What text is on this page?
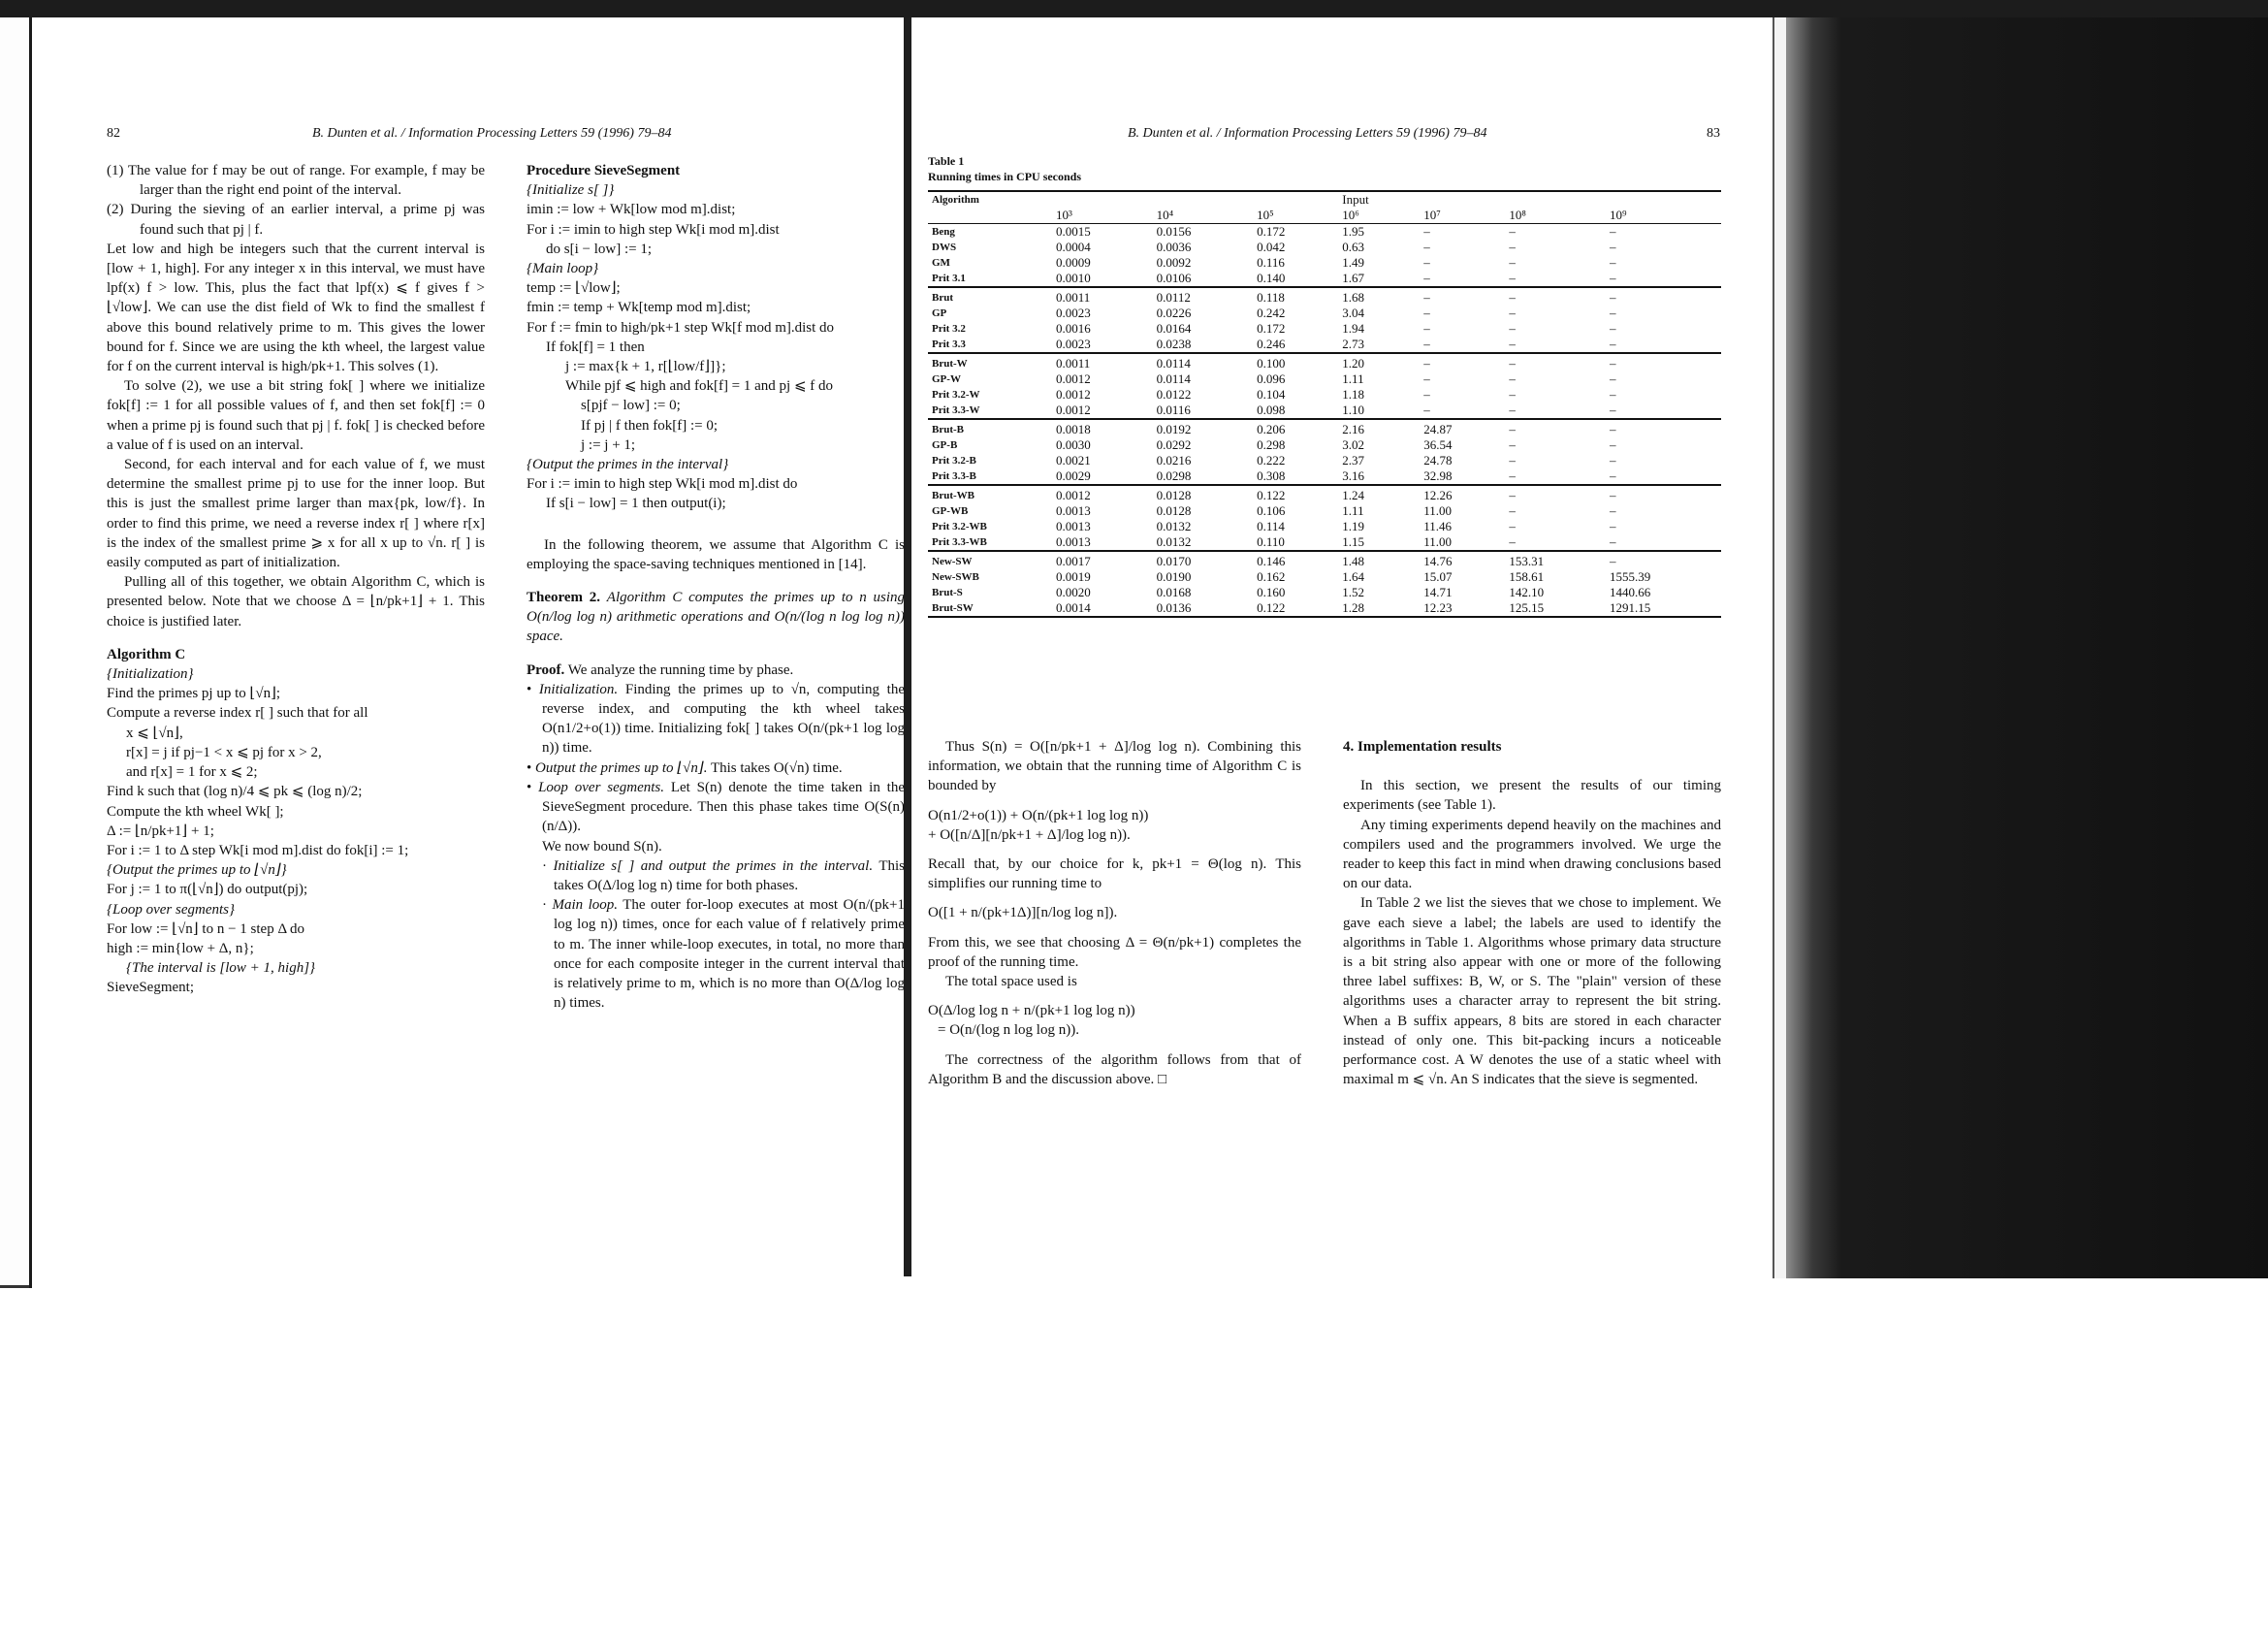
82	B. Dunten et al. / Information Processing Letters 59 (1996) 79–84	B. Dunten et al. / Information Processing Letters 59 (1996) 79–84	83

(1) The value for f may be out of range. For example, f may be larger than the right end point of the interval.

(2) During the sieving of an earlier interval, a prime pj was found such that pj | f.

Let low and high be integers such that the current interval is [low + 1, high]. For any integer x in this interval, we must have lpf(x) f > low. This, plus the fact that lpf(x) ⩽ f gives f > ⌊√low⌋. We can use the dist field of Wk to find the smallest f above this bound relatively prime to m. This gives the lower bound for f. Since we are using the kth wheel, the largest value for f on the current interval is high/pk+1. This solves (1).

To solve (2), we use a bit string fok[ ] where we initialize fok[f] := 1 for all possible values of f, and then set fok[f] := 0 when a prime pj is found such that pj | f. fok[ ] is checked before a value of f is used on an interval.

Second, for each interval and for each value of f, we must determine the smallest prime pj to use for the inner loop. But this is just the smallest prime larger than max{pk, low/f}. In order to find this prime, we need a reverse index r[ ] where r[x] is the index of the smallest prime ⩾ x for all x up to √n. r[ ] is easily computed as part of initialization.

Pulling all of this together, we obtain Algorithm C, which is presented below. Note that we choose Δ = ⌊n/pk+1⌋ + 1. This choice is justified later.

Algorithm C

{Initialization}
Find the primes pj up to ⌊√n⌋;
Compute a reverse index r[ ] such that for all
x ⩽ ⌊√n⌋,
r[x] = j if pj−1 < x ⩽ pj for x > 2,
and r[x] = 1 for x ⩽ 2;
Find k such that (log n)/4 ⩽ pk ⩽ (log n)/2;
Compute the kth wheel Wk[ ];
Δ := ⌊n/pk+1⌋ + 1;
For i := 1 to Δ step Wk[i mod m].dist do fok[i] := 1;
{Output the primes up to ⌊√n⌋}
For j := 1 to π(⌊√n⌋) do output(pj);
{Loop over segments}
For low := ⌊√n⌋ to n − 1 step Δ do
high := min{low + Δ, n};
{The interval is [low + 1, high]}
SieveSegment;

Procedure SieveSegment

{Initialize s[ ]}
imin := low + Wk[low mod m].dist;
For i := imin to high step Wk[i mod m].dist
do s[i − low] := 1;
{Main loop}
temp := ⌊√low⌋;
fmin := temp + Wk[temp mod m].dist;
For f := fmin to high/pk+1 step Wk[f mod m].dist do
If fok[f] = 1 then
j := max{k + 1, r[⌊low/f⌋]};
While pjf ⩽ high and fok[f] = 1 and pj ⩽ f do
s[pjf − low] := 0;
If pj | f then fok[f] := 0;
j := j + 1;
{Output the primes in the interval}
For i := imin to high step Wk[i mod m].dist do
If s[i − low] = 1 then output(i);

In the following theorem, we assume that Algorithm C is employing the space-saving techniques mentioned in [14].

Theorem 2. Algorithm C computes the primes up to n using O(n/log log n) arithmetic operations and O(n/(log n log log n)) space.

Proof. We analyze the running time by phase.

• Initialization. Finding the primes up to √n, computing the reverse index, and computing the kth wheel takes O(n1/2+o(1)) time. Initializing fok[ ] takes O(n/(pk+1 log log n)) time.

• Output the primes up to ⌊√n⌋. This takes O(√n) time.

• Loop over segments. Let S(n) denote the time taken in the SieveSegment procedure. Then this phase takes time O(S(n)(n/Δ)).

We now bound S(n).

· Initialize s[ ] and output the primes in the interval. This takes O(Δ/log log n) time for both phases.

· Main loop. The outer for-loop executes at most O(n/(pk+1 log log n)) times, once for each value of f relatively prime to m. The inner while-loop executes, in total, no more than once for each composite integer in the current interval that is relatively prime to m, which is no more than O(Δ/log log n) times.

Table 1
Running times in CPU seconds
Algorithm				Input			
	10³	10⁴	10⁵	10⁶	10⁷	10⁸	10⁹
Beng	0.0015	0.0156	0.172	1.95	–	–	–
DWS	0.0004	0.0036	0.042	0.63	–	–	–
GM	0.0009	0.0092	0.116	1.49	–	–	–
Prit 3.1	0.0010	0.0106	0.140	1.67	–	–	–
Brut	0.0011	0.0112	0.118	1.68	–	–	–
GP	0.0023	0.0226	0.242	3.04	–	–	–
Prit 3.2	0.0016	0.0164	0.172	1.94	–	–	–
Prit 3.3	0.0023	0.0238	0.246	2.73	–	–	–
Brut-W	0.0011	0.0114	0.100	1.20	–	–	–
GP-W	0.0012	0.0114	0.096	1.11	–	–	–
Prit 3.2-W	0.0012	0.0122	0.104	1.18	–	–	–
Prit 3.3-W	0.0012	0.0116	0.098	1.10	–	–	–
Brut-B	0.0018	0.0192	0.206	2.16	24.87	–	–
GP-B	0.0030	0.0292	0.298	3.02	36.54	–	–
Prit 3.2-B	0.0021	0.0216	0.222	2.37	24.78	–	–
Prit 3.3-B	0.0029	0.0298	0.308	3.16	32.98	–	–
Brut-WB	0.0012	0.0128	0.122	1.24	12.26	–	–
GP-WB	0.0013	0.0128	0.106	1.11	11.00	–	–
Prit 3.2-WB	0.0013	0.0132	0.114	1.19	11.46	–	–
Prit 3.3-WB	0.0013	0.0132	0.110	1.15	11.00	–	–
New-SW	0.0017	0.0170	0.146	1.48	14.76	153.31	–
New-SWB	0.0019	0.0190	0.162	1.64	15.07	158.61	1555.39
Brut-S	0.0020	0.0168	0.160	1.52	14.71	142.10	1440.66
Brut-SW	0.0014	0.0136	0.122	1.28	12.23	125.15	1291.15

Thus S(n) = O([n/pk+1 + Δ]/log log n). Combining this information, we obtain that the running time of Algorithm C is bounded by

O(n1/2+o(1)) + O(n/(pk+1 log log n))

+ O([n/Δ][n/pk+1 + Δ]/log log n)).

Recall that, by our choice for k, pk+1 = Θ(log n). This simplifies our running time to

O([1 + n/(pk+1Δ)][n/log log n]).

From this, we see that choosing Δ = Θ(n/pk+1) completes the proof of the running time.

The total space used is

O(Δ/log log n + n/(pk+1 log log n))

= O(n/(log n log log n)).

The correctness of the algorithm follows from that of Algorithm B and the discussion above. □

4. Implementation results

In this section, we present the results of our timing experiments (see Table 1).

Any timing experiments depend heavily on the machines and compilers used and the programmers involved. We urge the reader to keep this fact in mind when drawing conclusions based on our data.

In Table 2 we list the sieves that we chose to implement. We gave each sieve a label; the labels are used to identify the algorithms in Table 1. Algorithms whose primary data structure is a bit string also appear with one or more of the following three label suffixes: B, W, or S. The "plain" version of these algorithms uses a character array to represent the bit string. When a B suffix appears, 8 bits are stored in each character instead of only one. This bit-packing incurs a noticeable performance cost. A W denotes the use of a static wheel with maximal m ⩽ √n. An S indicates that the sieve is segmented.
